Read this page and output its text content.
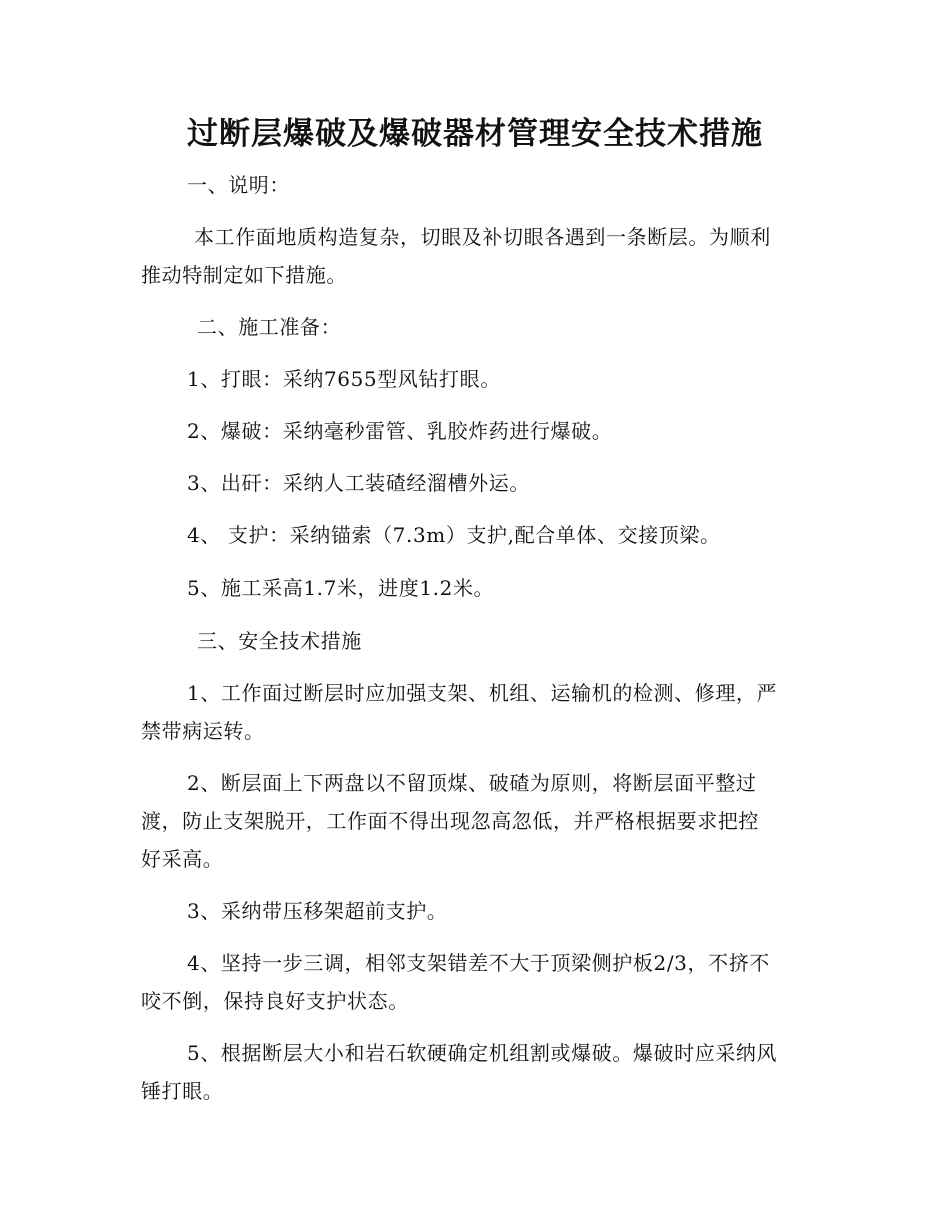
过断层爆破及爆破器材管理安全技术措施
一、说明：
本工作面地质构造复杂，切眼及补切眼各遇到一条断层。为顺利
推动特制定如下措施。
二、施工准备：
1、打眼：采纳7655型风钻打眼。
2、爆破：采纳毫秒雷管、乳胶炸药进行爆破。
3、出矸：采纳人工装碴经溜槽外运。
4、 支护：采纳锚索（7.3m）支护,配合单体、交接顶梁。
5、施工采高1.7米，进度1.2米。
三、安全技术措施
1、工作面过断层时应加强支架、机组、运输机的检测、修理，严
禁带病运转。
2、断层面上下两盘以不留顶煤、破碴为原则，将断层面平整过
渡，防止支架脱开，工作面不得出现忽高忽低，并严格根据要求把控
好采高。
3、采纳带压移架超前支护。
4、坚持一步三调，相邻支架错差不大于顶梁侧护板2/3，不挤不
咬不倒，保持良好支护状态。
5、根据断层大小和岩石软硬确定机组割或爆破。爆破时应采纳风
锤打眼。
